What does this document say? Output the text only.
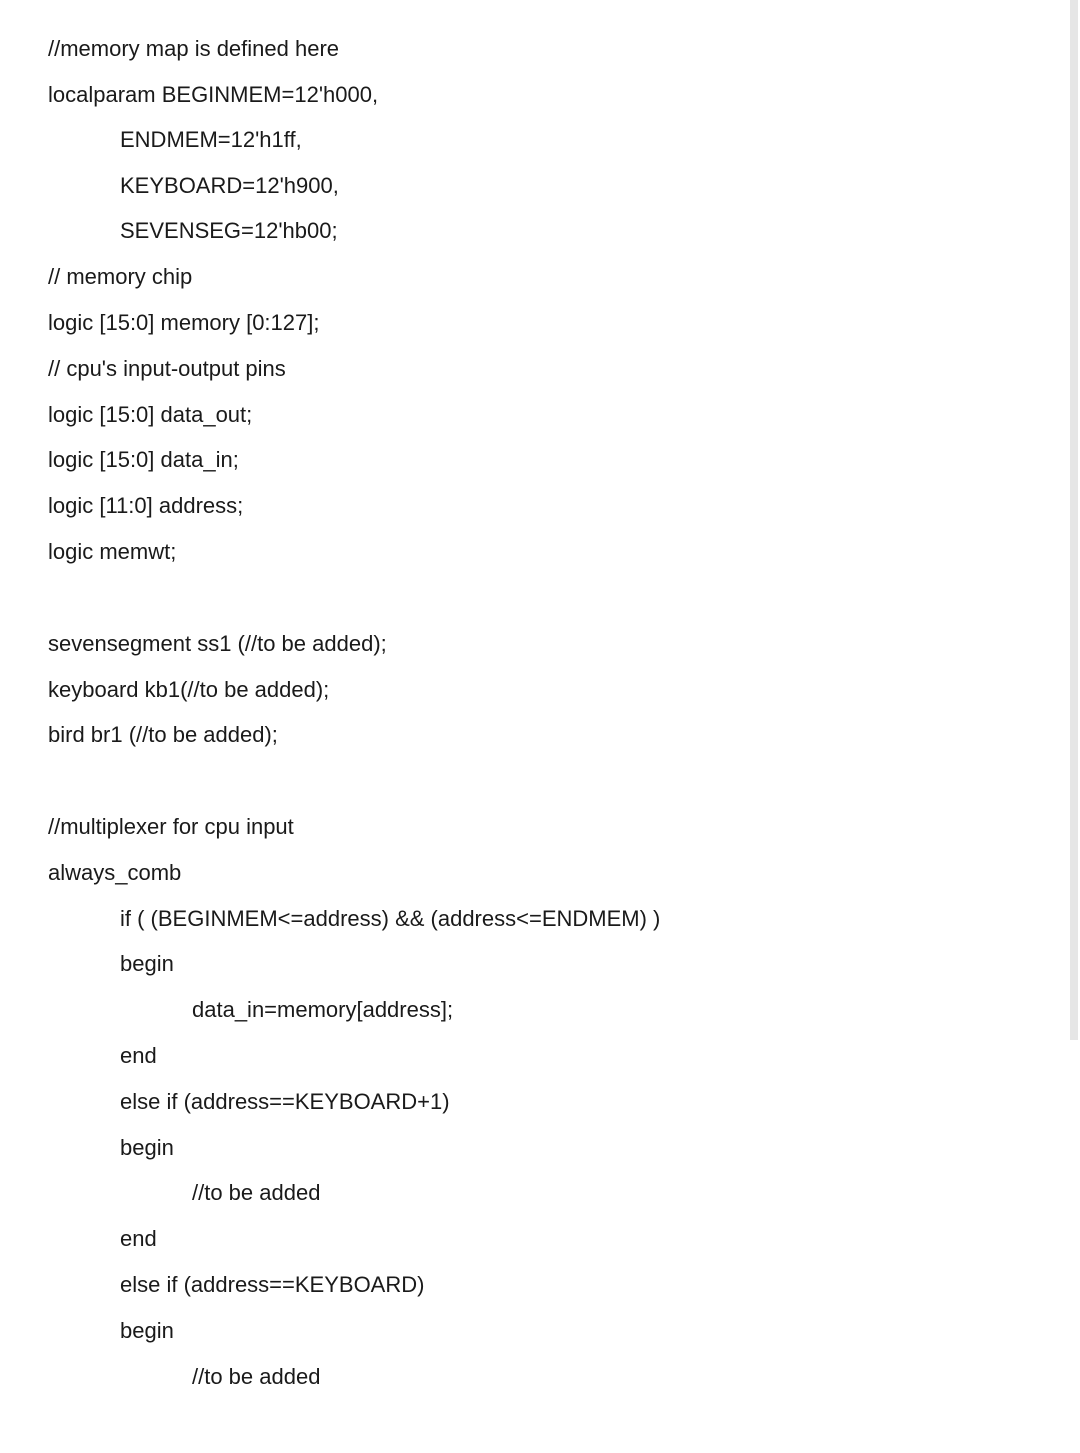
//memory map is defined here
localparam BEGINMEM=12'h000,
ENDMEM=12'h1ff,
KEYBOARD=12'h900,
SEVENSEG=12'hb00;
// memory chip
logic [15:0] memory [0:127];
// cpu's input-output pins
logic [15:0] data_out;
logic [15:0] data_in;
logic [11:0] address;
logic memwt;
sevensegment ss1 (//to be added);
keyboard kb1(//to be added);
bird br1 (//to be added);
//multiplexer for cpu input
always_comb
if ( (BEGINMEM<=address) && (address<=ENDMEM) )
begin
data_in=memory[address];
end
else if (address==KEYBOARD+1)
begin
//to be added
end
else if (address==KEYBOARD)
begin
//to be added
